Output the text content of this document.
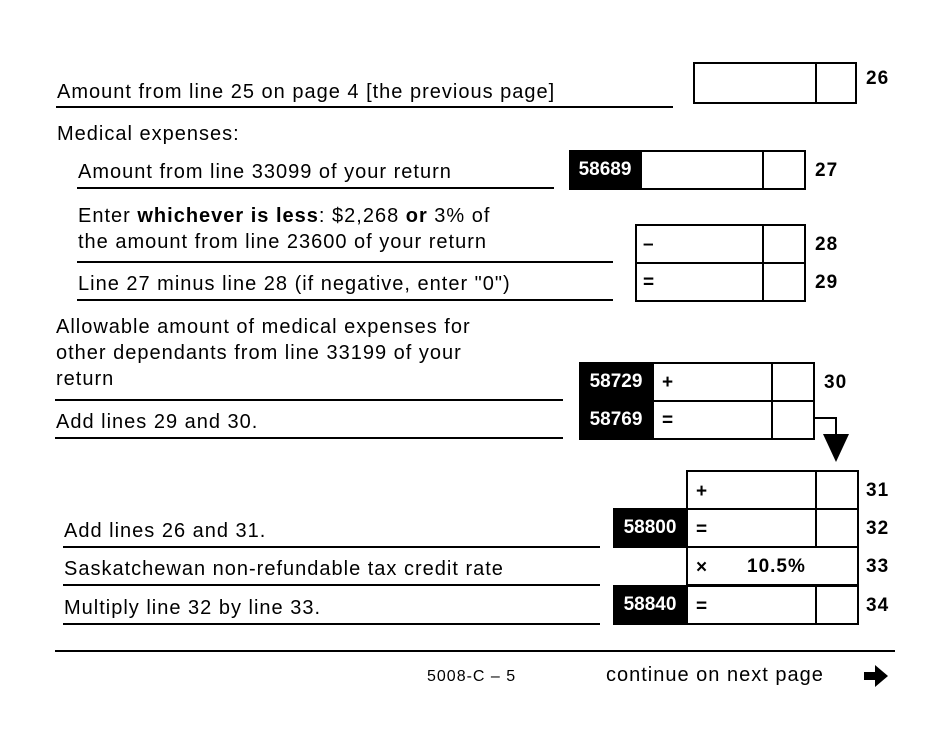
Amount from line 25 on page 4 [the previous page]
26
Medical expenses:
Amount from line 33099 of your return	58689	27
Enter whichever is less: $2,268 or 3% of
the amount from line 23600 of your return	–	28
Line 27 minus line 28 (if negative, enter "0")	=	29
Allowable amount of medical expenses for
other dependants from line 33199 of your
return	58729	+	30
Add lines 29 and 30.	58769	=
+	31
Add lines 26 and 31.	58800	=	32
Saskatchewan non-refundable tax credit rate	× 10.5%	33
Multiply line 32 by line 33.	58840	=	34
5008-C – 5	continue on next page
